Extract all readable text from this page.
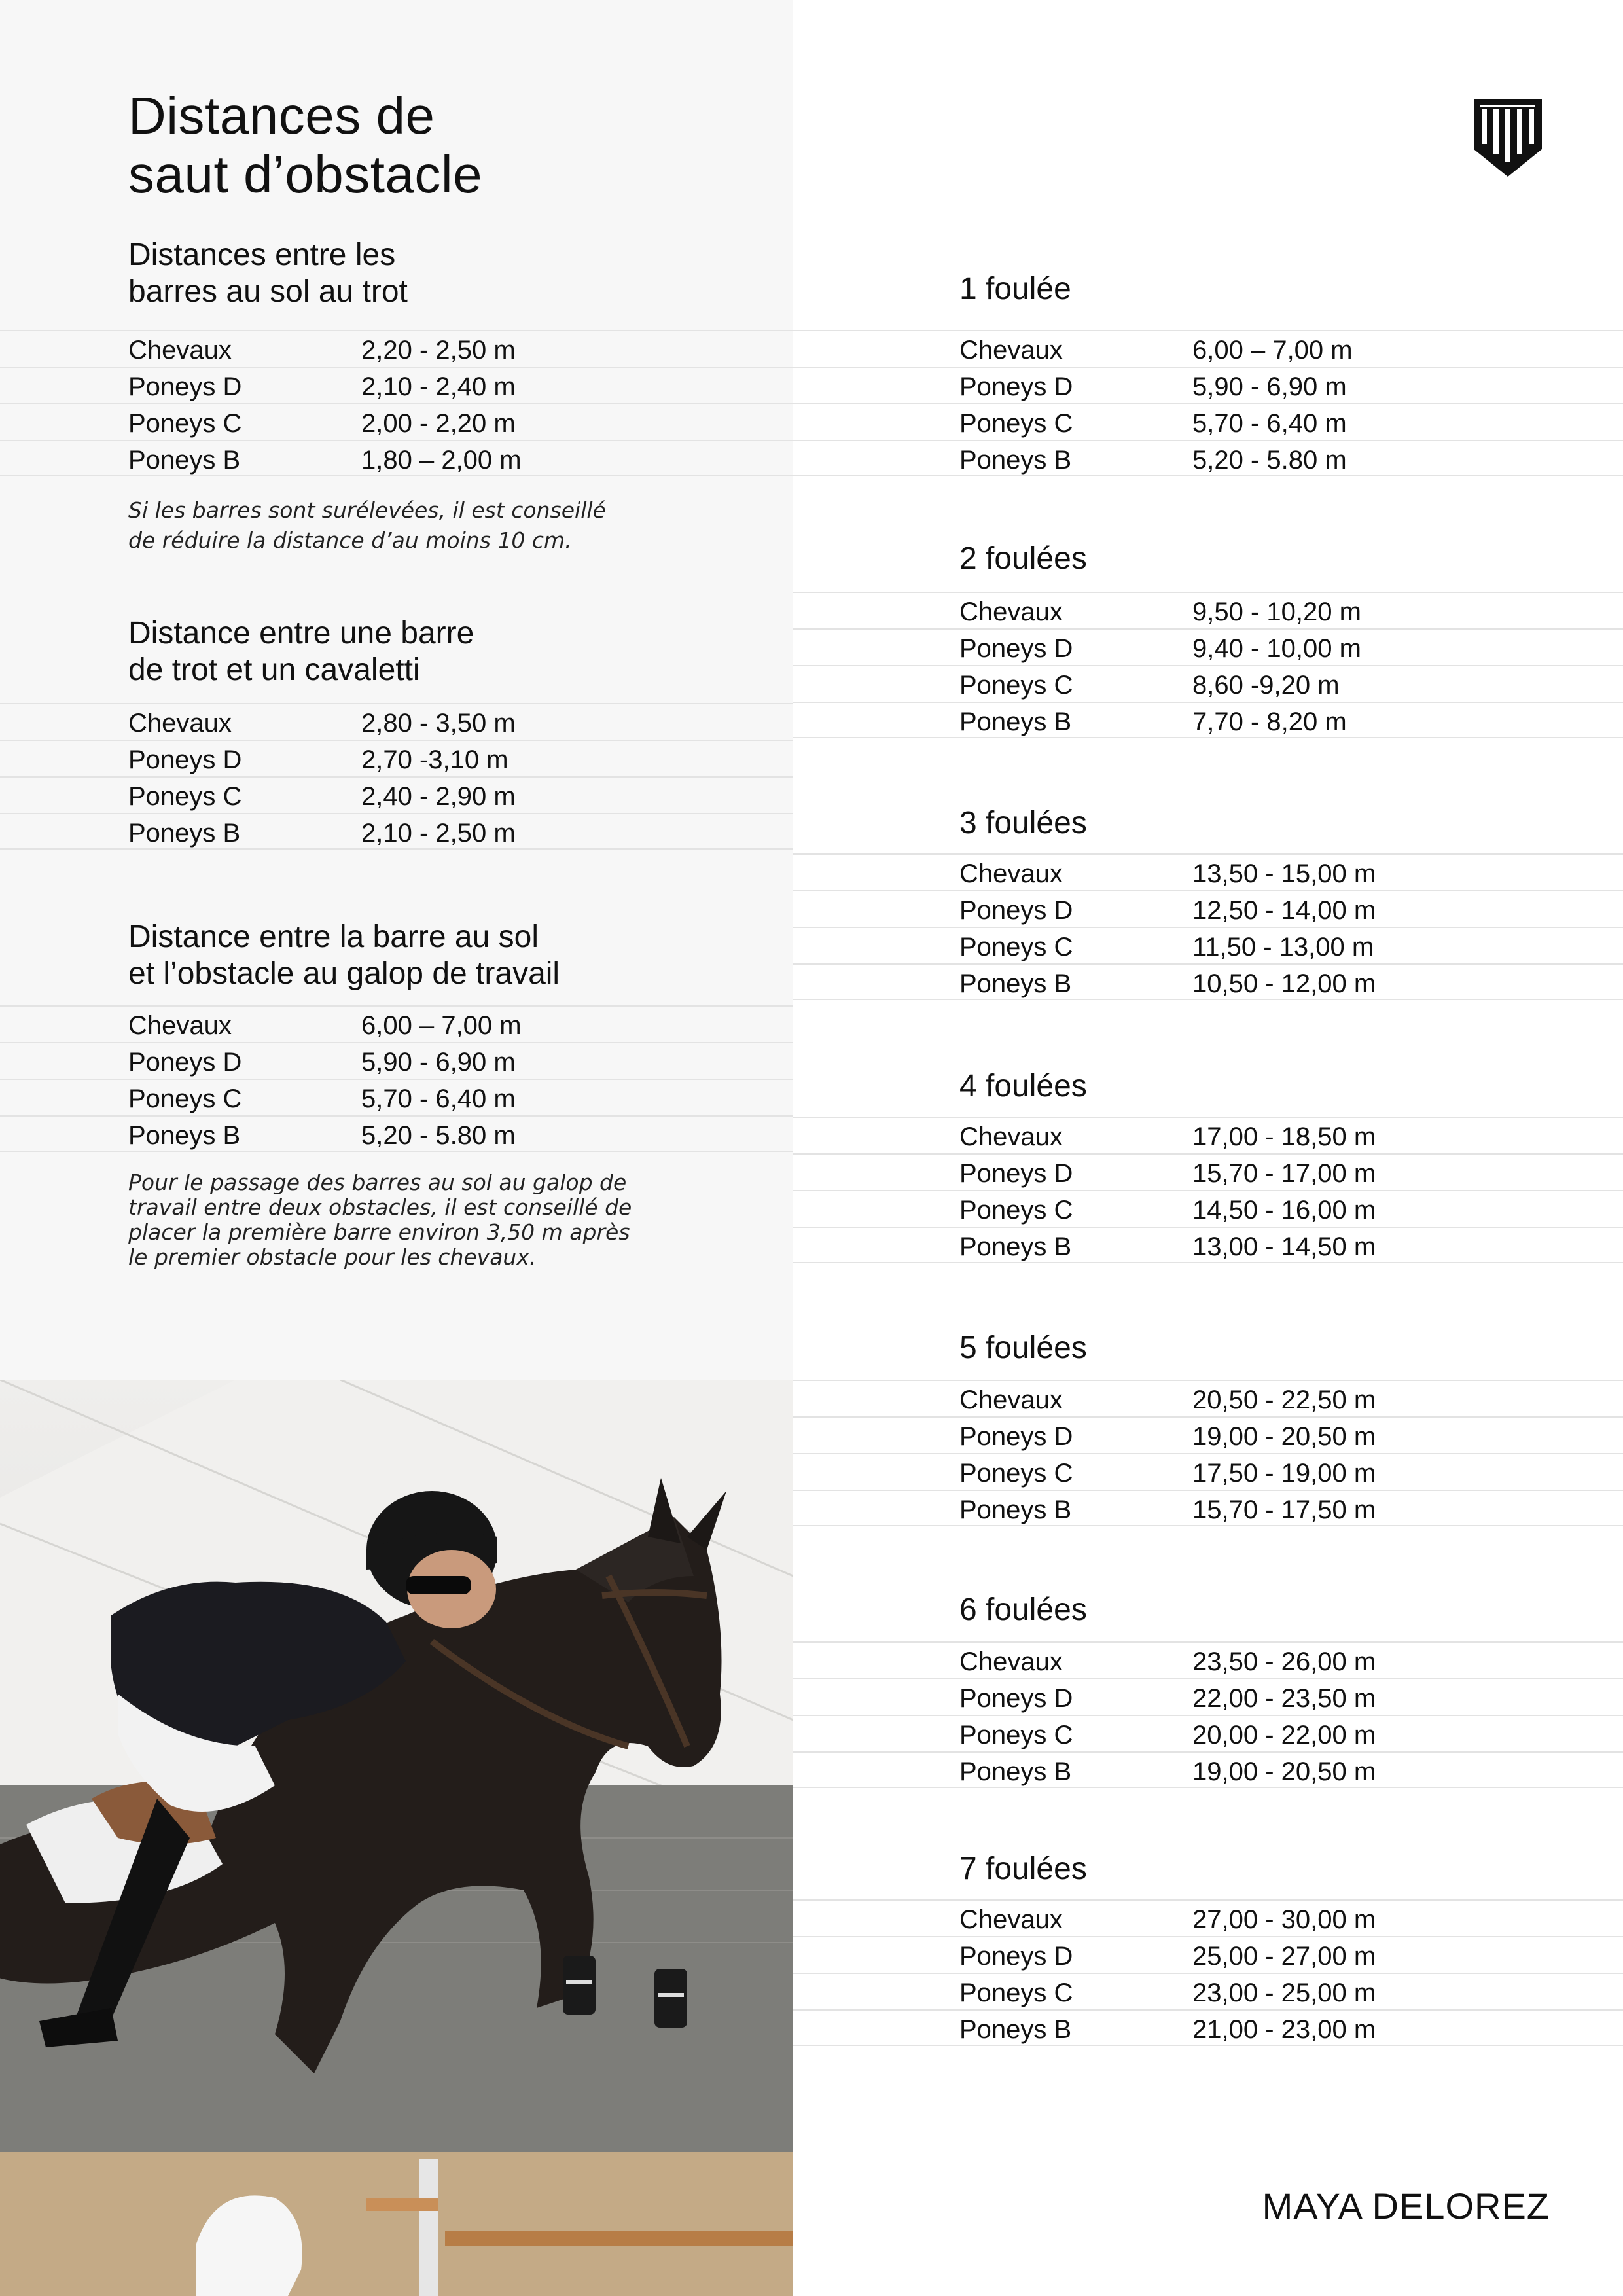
Distances de
saut d’obstacle
Distances entre les
barres au sol au trot
Chevaux	2,20 - 2,50 m
Poneys D	2,10 - 2,40 m
Poneys C	2,00 - 2,20 m
Poneys B	1,80 – 2,00 m

Si les barres sont surélevées, il est conseillé
de réduire la distance d’au moins 10 cm.

Distance entre une barre
de trot et un cavaletti
Chevaux	2,80 - 3,50 m
Poneys D	2,70 -3,10 m
Poneys C	2,40 - 2,90 m
Poneys B	2,10 - 2,50 m
Distance entre la barre au sol
et l’obstacle au galop de travail
Chevaux	6,00 – 7,00 m
Poneys D	5,90 - 6,90 m
Poneys C	5,70 - 6,40 m
Poneys B	5,20 - 5.80 m

Pour le passage des barres au sol au galop de
travail entre deux obstacles, il est conseillé de
placer la première barre environ 3,50 m après
le premier obstacle pour les chevaux.

1 foulée
Chevaux	6,00 – 7,00 m
Poneys D	5,90 - 6,90 m
Poneys C	5,70 - 6,40 m
Poneys B	5,20 - 5.80 m
2 foulées
Chevaux	9,50 - 10,20 m
Poneys D	9,40 - 10,00 m
Poneys C	8,60 -9,20 m
Poneys B	7,70 - 8,20 m
3 foulées
Chevaux	13,50 - 15,00 m
Poneys D	12,50 - 14,00 m
Poneys C	11,50 - 13,00 m
Poneys B	10,50 - 12,00 m
4 foulées
Chevaux	17,00 - 18,50 m
Poneys D	15,70 - 17,00 m
Poneys C	14,50 - 16,00 m
Poneys B	13,00 - 14,50 m
5 foulées
Chevaux	20,50 - 22,50 m
Poneys D	19,00 - 20,50 m
Poneys C	17,50 - 19,00 m
Poneys B	15,70 - 17,50 m
6 foulées
Chevaux	23,50 - 26,00 m
Poneys D	22,00 - 23,50 m
Poneys C	20,00 - 22,00 m
Poneys B	19,00 - 20,50 m
7 foulées
Chevaux	27,00 - 30,00 m
Poneys D	25,00 - 27,00 m
Poneys C	23,00 - 25,00 m
Poneys B	21,00 - 23,00 m
MAYA DELOREZ
